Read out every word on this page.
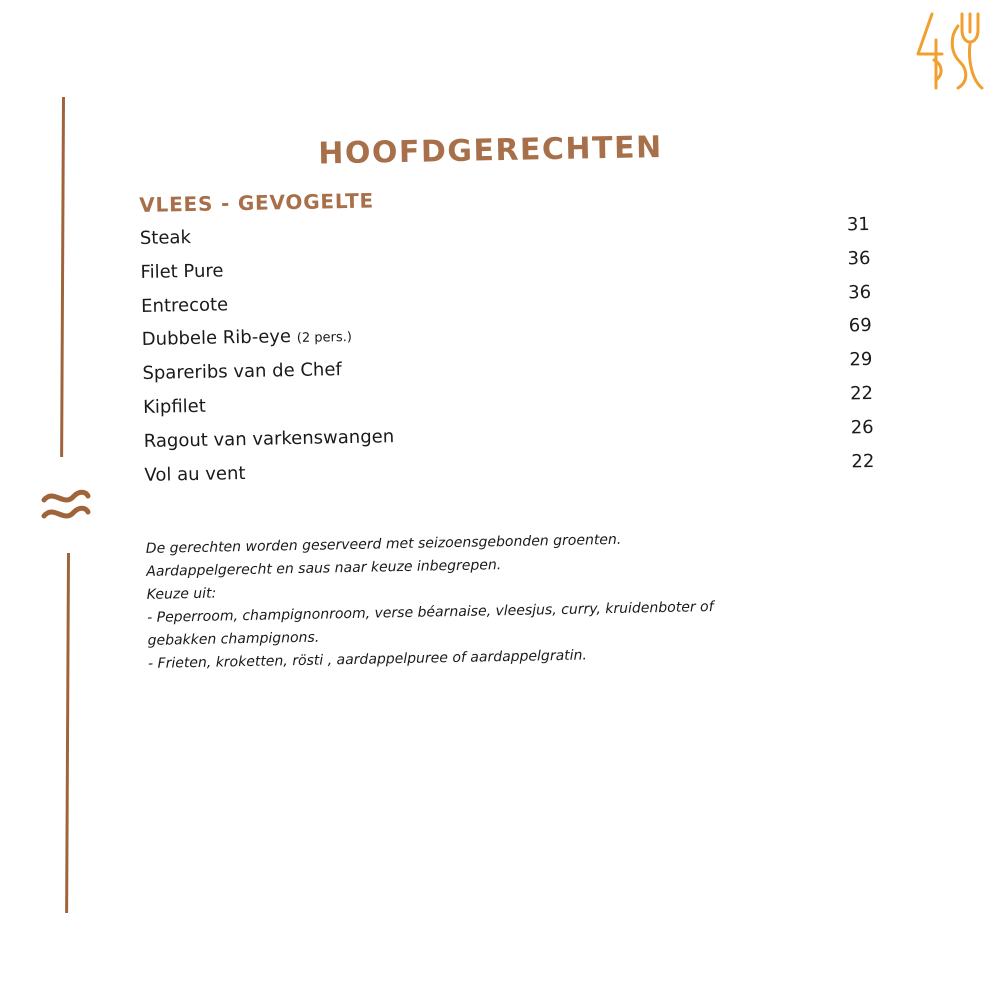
HOOFDGERECHTEN
VLEES - GEVOGELTE
Steak
31
Filet Pure
36
Entrecote
36
Dubbele Rib-eye (2 pers.)
69
Spareribs van de Chef	29
Kipfilet
22
Ragout van varkenswangen	26
Vol au vent
22

De gerechten worden geserveerd met seizoensgebonden groenten.

Aardappelgerecht en saus naar keuze inbegrepen.

Keuze uit:

- Peperroom, champignonroom, verse béarnaise, vleesjus, curry, kruidenboter of

gebakken champignons.

- Frieten, kroketten, rösti , aardappelpuree of aardappelgratin.
